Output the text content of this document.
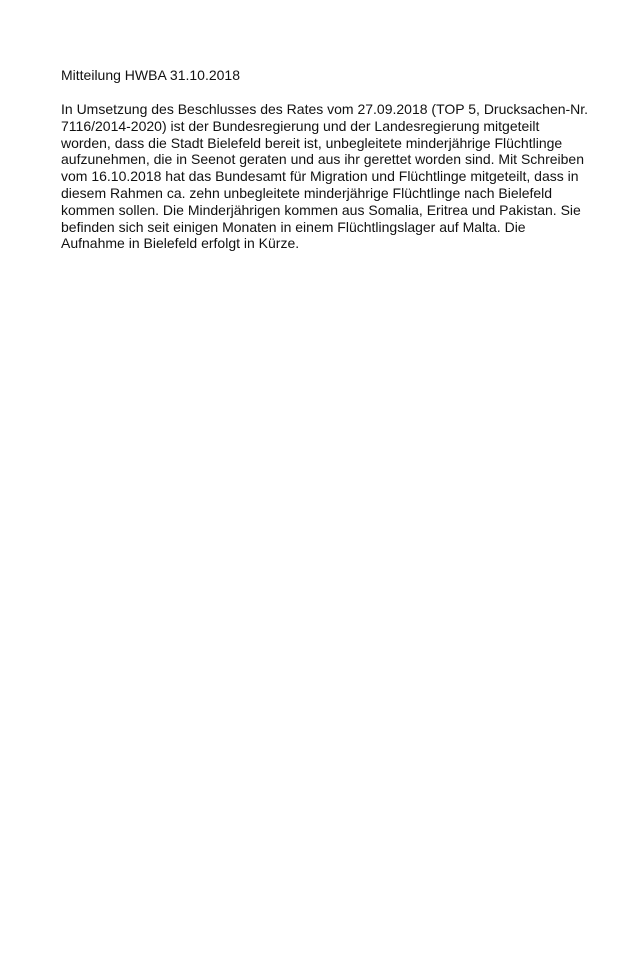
Mitteilung HWBA 31.10.2018

In Umsetzung des Beschlusses des Rates vom 27.09.2018 (TOP 5, Drucksachen-Nr.
7116/2014-2020) ist der Bundesregierung und der Landesregierung mitgeteilt
worden, dass die Stadt Bielefeld bereit ist, unbegleitete minderjährige Flüchtlinge
aufzunehmen, die in Seenot geraten und aus ihr gerettet worden sind. Mit Schreiben
vom 16.10.2018 hat das Bundesamt für Migration und Flüchtlinge mitgeteilt, dass in
diesem Rahmen ca. zehn unbegleitete minderjährige Flüchtlinge nach Bielefeld
kommen sollen. Die Minderjährigen kommen aus Somalia, Eritrea und Pakistan. Sie
befinden sich seit einigen Monaten in einem Flüchtlingslager auf Malta. Die
Aufnahme in Bielefeld erfolgt in Kürze.
